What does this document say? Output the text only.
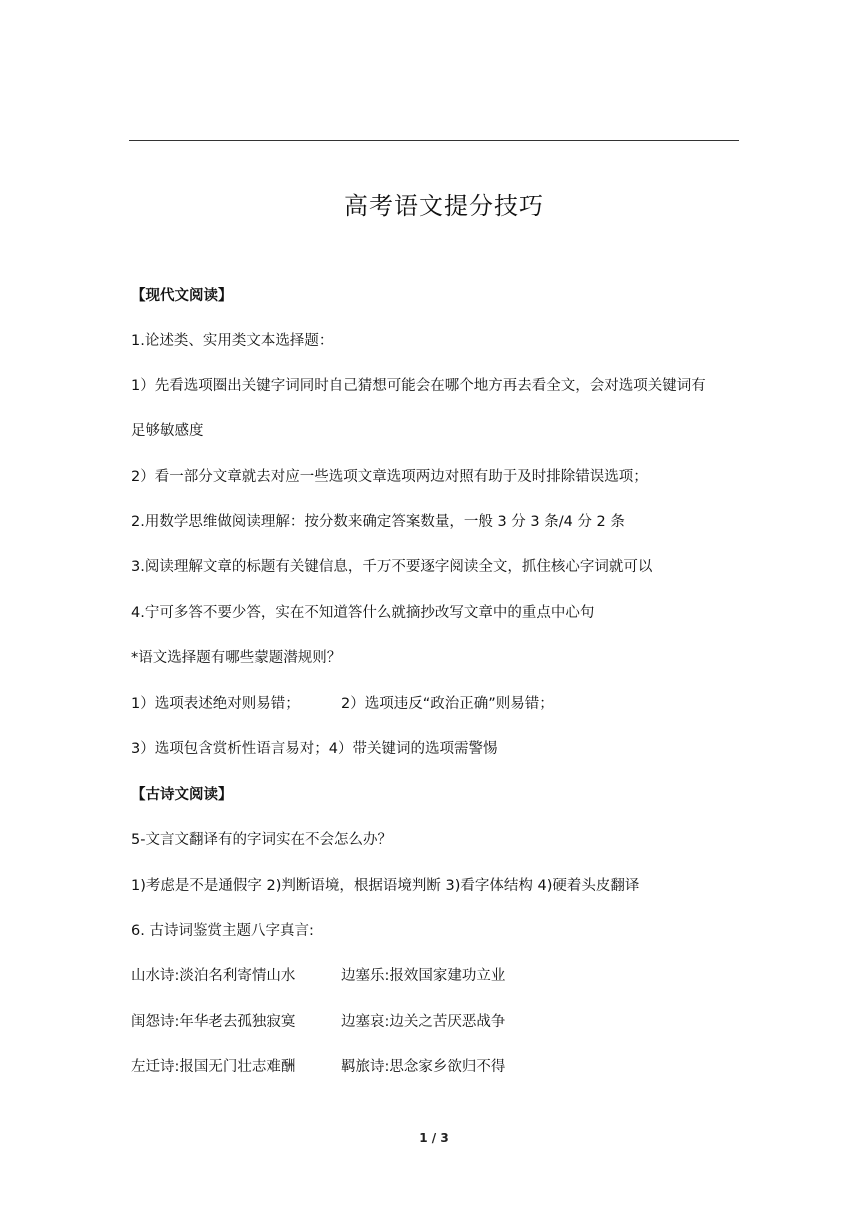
高考语文提分技巧
【现代文阅读】
1.论述类、实用类文本选择题：
1）先看选项圈出关键字词同时自己猜想可能会在哪个地方再去看全文，会对选项关键词有
足够敏感度
2）看一部分文章就去对应一些选项文章选项两边对照有助于及时排除错误选项；
2.用数学思维做阅读理解：按分数来确定答案数量，一般 3 分 3 条/4 分 2 条
3.阅读理解文章的标题有关键信息，千万不要逐字阅读全文，抓住核心字词就可以
4.宁可多答不要少答，实在不知道答什么就摘抄改写文章中的重点中心句
*语文选择题有哪些蒙题潜规则？
1）选项表述绝对则易错；	2）选项违反“政治正确”则易错；
3）选项包含赏析性语言易对；4）带关键词的选项需警惕
【古诗文阅读】
5-文言文翻译有的字词实在不会怎么办？
1)考虑是不是通假字 2)判断语境，根据语境判断 3)看字体结构 4)硬着头皮翻译
6. 古诗词鉴赏主题八字真言:
山水诗:淡泊名利寄情山水	边塞乐:报效国家建功立业
闺怨诗:年华老去孤独寂寞	边塞哀:边关之苦厌恶战争
左迁诗:报国无门壮志难酬	羁旅诗:思念家乡欲归不得
1 / 3
